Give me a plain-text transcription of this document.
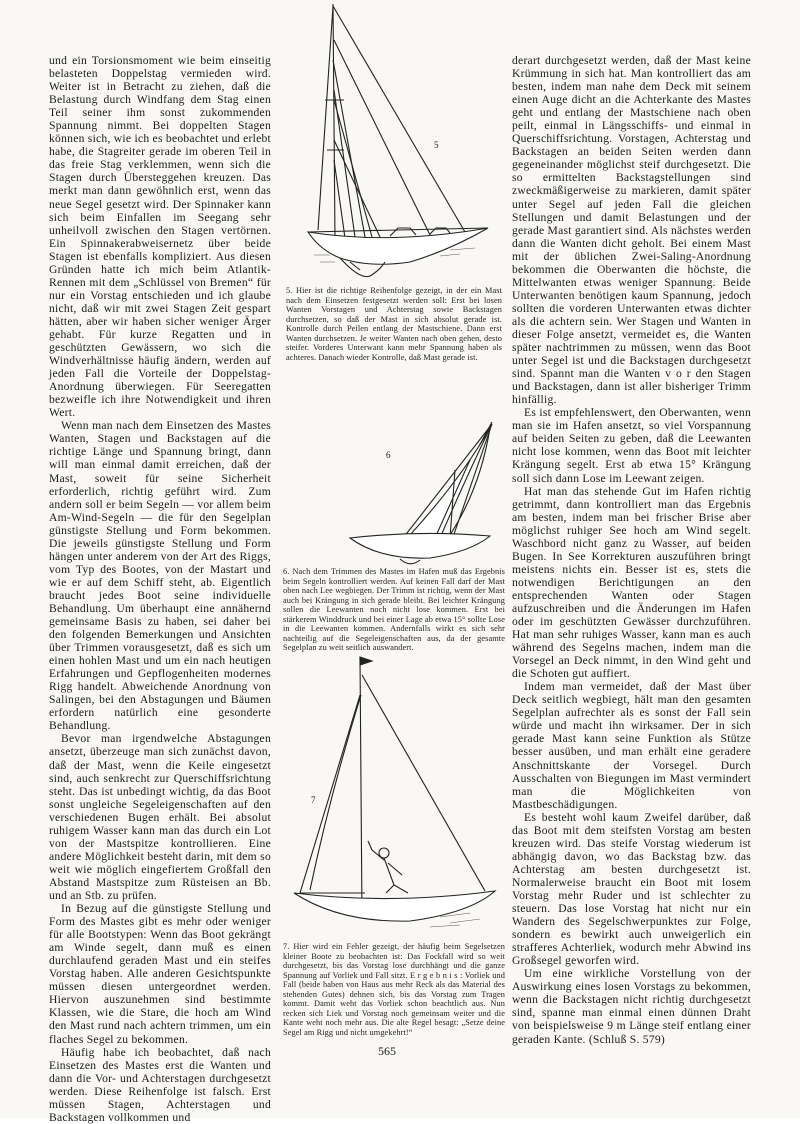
und ein Torsionsmoment wie beim einseitig belasteten Doppelstag vermieden wird. Weiter ist in Betracht zu ziehen, daß die Belastung durch Windfang dem Stag einen Teil seiner ihm sonst zukommenden Spannung nimmt. Bei doppelten Stagen können sich, wie ich es beobachtet und erlebt habe, die Stagreiter gerade im oberen Teil in das freie Stag verklemmen, wenn sich die Stagen durch Übersteggehen kreuzen. Das merkt man dann gewöhnlich erst, wenn das neue Segel gesetzt wird. Der Spinnaker kann sich beim Einfallen im Seegang sehr unheilvoll zwischen den Stagen vertörnen. Ein Spinnakerabweisernetz über beide Stagen ist ebenfalls kompliziert. Aus diesen Gründen hatte ich mich beim Atlantik-Rennen mit dem „Schlüssel von Bremen“ für nur ein Vorstag entschieden und ich glaube nicht, daß wir mit zwei Stagen Zeit gespart hätten, aber wir haben sicher weniger Ärger gehabt. Für kurze Regatten und in geschützten Gewässern, wo sich die Windverhältnisse häufig ändern, werden auf jeden Fall die Vorteile der Doppelstag-Anordnung überwiegen. Für Seeregatten bezweifle ich ihre Notwendigkeit und ihren Wert.

Wenn man nach dem Einsetzen des Mastes Wanten, Stagen und Backstagen auf die richtige Länge und Spannung bringt, dann will man einmal damit erreichen, daß der Mast, soweit für seine Sicherheit erforderlich, richtig geführt wird. Zum andern soll er beim Segeln — vor allem beim Am-Wind-Segeln — die für den Segelplan günstigste Stellung und Form bekommen. Die jeweils günstigste Stellung und Form hängen unter anderem von der Art des Riggs, vom Typ des Bootes, von der Mastart und wie er auf dem Schiff steht, ab. Eigentlich braucht jedes Boot seine individuelle Behandlung. Um überhaupt eine annähernd gemeinsame Basis zu haben, sei daher bei den folgenden Bemerkungen und Ansichten über Trimmen vorausgesetzt, daß es sich um einen hohlen Mast und um ein nach heutigen Erfahrungen und Gepflogenheiten modernes Rigg handelt. Abweichende Anordnung von Salingen, bei den Abstagungen und Bäumen erfordern natürlich eine gesonderte Behandlung.

Bevor man irgendwelche Abstagungen ansetzt, überzeuge man sich zunächst davon, daß der Mast, wenn die Keile eingesetzt sind, auch senkrecht zur Querschiffsrichtung steht. Das ist unbedingt wichtig, da das Boot sonst ungleiche Segeleigenschaften auf den verschiedenen Bugen erhält. Bei absolut ruhigem Wasser kann man das durch ein Lot von der Mastspitze kontrollieren. Eine andere Möglichkeit besteht darin, mit dem so weit wie möglich eingefiertem Großfall den Abstand Mastspitze zum Rüsteisen an Bb. und an Stb. zu prüfen.

In Bezug auf die günstigste Stellung und Form des Mastes gibt es mehr oder weniger für alle Bootstypen: Wenn das Boot gekrängt am Winde segelt, dann muß es einen durchlaufend geraden Mast und ein steifes Vorstag haben. Alle anderen Gesichtspunkte müssen diesen untergeordnet werden. Hiervon auszunehmen sind bestimmte Klassen, wie die Stare, die hoch am Wind den Mast rund nach achtern trimmen, um ein flaches Segel zu bekommen.

Häufig habe ich beobachtet, daß nach Einsetzen des Mastes erst die Wanten und dann die Vor- und Achterstagen durchgesetzt werden. Diese Reihenfolge ist falsch. Erst müssen Stagen, Achterstagen und Backstagen vollkommen und

derart durchgesetzt werden, daß der Mast keine Krümmung in sich hat. Man kontrolliert das am besten, indem man nahe dem Deck mit seinem einen Auge dicht an die Achterkante des Mastes geht und entlang der Mastschiene nach oben peilt, einmal in Längsschiffs- und einmal in Querschiffsrichtung. Vorstagen, Achterstag und Backstagen an beiden Seiten werden dann gegeneinander möglichst steif durchgesetzt. Die so ermittelten Backstagstellungen sind zweckmäßigerweise zu markieren, damit später unter Segel auf jeden Fall die gleichen Stellungen und damit Belastungen und der gerade Mast garantiert sind. Als nächstes werden dann die Wanten dicht geholt. Bei einem Mast mit der üblichen Zwei-Saling-Anordnung bekommen die Oberwanten die höchste, die Mittelwanten etwas weniger Spannung. Beide Unterwanten benötigen kaum Spannung, jedoch sollten die vorderen Unterwanten etwas dichter als die achtern sein. Wer Stagen und Wanten in dieser Folge ansetzt, vermeidet es, die Wanten später nachtrimmen zu müssen, wenn das Boot unter Segel ist und die Backstagen durchgesetzt sind. Spannt man die Wanten v o r den Stagen und Backstagen, dann ist aller bisheriger Trimm hinfällig.

Es ist empfehlenswert, den Oberwanten, wenn man sie im Hafen ansetzt, so viel Vorspannung auf beiden Seiten zu geben, daß die Leewanten nicht lose kommen, wenn das Boot mit leichter Krängung segelt. Erst ab etwa 15° Krängung soll sich dann Lose im Leewant zeigen.

Hat man das stehende Gut im Hafen richtig getrimmt, dann kontrolliert man das Ergebnis am besten, indem man bei frischer Brise aber möglichst ruhiger See hoch am Wind segelt. Waschbord nicht ganz zu Wasser, auf beiden Bugen. In See Korrekturen auszuführen bringt meistens nichts ein. Besser ist es, stets die notwendigen Berichtigungen an den entsprechenden Wanten oder Stagen aufzuschreiben und die Änderungen im Hafen oder im geschützten Gewässer durchzuführen. Hat man sehr ruhiges Wasser, kann man es auch während des Segelns machen, indem man die Vorsegel an Deck nimmt, in den Wind geht und die Schoten gut auffiert.

Indem man vermeidet, daß der Mast über Deck seitlich wegbiegt, hält man den gesamten Segelplan aufrechter als es sonst der Fall sein würde und macht ihn wirksamer. Der in sich gerade Mast kann seine Funktion als Stütze besser ausüben, und man erhält eine geradere Anschnittskante der Vorsegel. Durch Ausschalten von Biegungen im Mast vermindert man die Möglichkeiten von Mastbeschädigungen.

Es besteht wohl kaum Zweifel darüber, daß das Boot mit dem steifsten Vorstag am besten kreuzen wird. Das steife Vorstag wiederum ist abhängig davon, wo das Backstag bzw. das Achterstag am besten durchgesetzt ist. Normalerweise braucht ein Boot mit losem Vorstag mehr Ruder und ist schlechter zu steuern. Das lose Vorstag hat nicht nur ein Wandern des Segelschwerpunktes zur Folge, sondern es bewirkt auch unweigerlich ein strafferes Achterliek, wodurch mehr Abwind ins Großsegel geworfen wird.

Um eine wirkliche Vorstellung von der Auswirkung eines losen Vorstags zu bekommen, wenn die Backstagen nicht richtig durchgesetzt sind, spanne man einmal einen dünnen Draht von beispielsweise 9 m Länge steif entlang einer geraden Kante. (Schluß S. 579)

5
6
7
5. Hier ist die richtige Reihenfolge gezeigt, in der ein Mast nach dem Einsetzen festgesetzt werden soll: Erst bei losen Wanten Vorstagen und Achterstag sowie Backstagen durchsetzen, so daß der Mast in sich absolut gerade ist. Kontrolle durch Peilen entlang der Mastschiene. Dann erst Wanten durchsetzen. Je weiter Wanten nach oben gehen, desto steifer. Vorderes Unterwant kann mehr Spannung haben als achteres. Danach wieder Kontrolle, daß Mast gerade ist.
6. Nach dem Trimmen des Mastes im Hafen muß das Ergebnis beim Segeln kontrolliert werden. Auf keinen Fall darf der Mast oben nach Lee wegbiegen. Der Trimm ist richtig, wenn der Mast auch bei Krängung in sich gerade bleibt. Bei leichter Krängung sollen die Leewanten noch nicht lose kommen. Erst bei stärkerem Winddruck und bei einer Lage ab etwa 15° sollte Lose in die Leewanten kommen. Andernfalls wirkt es sich sehr nachteilig auf die Segeleigenschaften aus, da der gesamte Segelplan zu weit seitlich auswandert.
7. Hier wird ein Fehler gezeigt, der häufig beim Segelsetzen kleiner Boote zu beobachten ist: Das Fockfall wird so weit durchgesetzt, bis das Vorstag lose durchhängt und die ganze Spannung auf Vorliek und Fall sitzt. E r g e b n i s : Vorliek und Fall (beide haben von Haus aus mehr Reck als das Material des stehenden Gutes) dehnen sich, bis das Vorstag zum Tragen kommt. Damit weht das Vorliek schon beachtlich aus. Nun recken sich Liek und Vorstag noch gemeinsam weiter und die Kante weht noch mehr aus. Die alte Regel besagt: „Setze deine Segel am Rigg und nicht umgekehrt!“
565
